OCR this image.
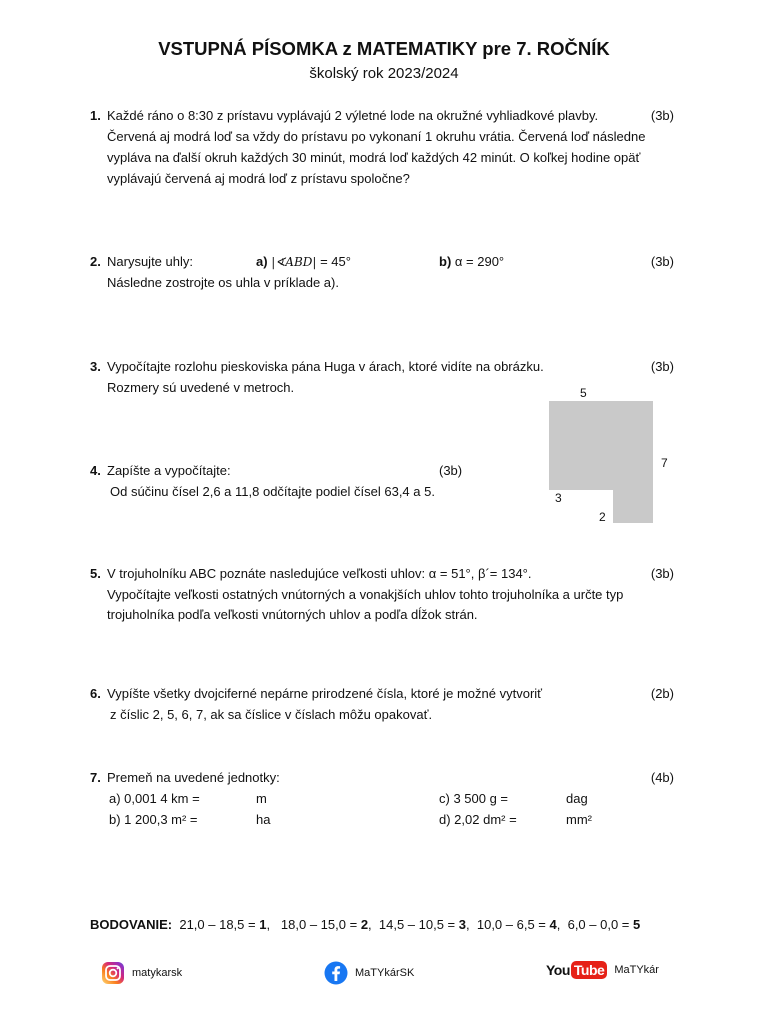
VSTUPNÁ PÍSOMKA z MATEMATIKY pre 7. ROČNÍK
školský rok 2023/2024
1. Každé ráno o 8:30 z prístavu vyplávajú 2 výletné lode na okružné vyhliadkové plavby.
Červená aj modrá loď sa vždy do prístavu po vykonaní 1 okruhu vrátia. Červená loď následne
vypláva na ďalší okruh každých 30 minút, modrá loď každých 42 minút. O koľkej hodine opäť
vyplávajú červená aj modrá loď z prístavu spoločne?
(3b)
2. Narysujte uhly:	a) |∢ABD| = 45°	b) α = 290°	(3b)
Následne zostrojte os uhla v príklade a).
3. Vypočítajte rozlohu pieskoviska pána Huga v árach, ktoré vidíte na obrázku.
Rozmery sú uvedené v metroch.
(3b)
5
7
3
2
4. Zapíšte a vypočítajte:	(3b)
Od súčinu čísel 2,6 a 11,8 odčítajte podiel čísel 63,4 a 5.
5. V trojuholníku ABC poznáte nasledujúce veľkosti uhlov: α = 51°, β´= 134°.
Vypočítajte veľkosti ostatných vnútorných a vonakjších uhlov tohto trojuholníka a určte typ
trojuholníka podľa veľkosti vnútorných uhlov a podľa dĺžok strán.
(3b)
6. Vypíšte všetky dvojciferné nepárne prirodzené čísla, ktoré je možné vytvoriť
z číslic 2, 5, 6, 7, ak sa číslice v číslach môžu opakovať.
(2b)
7. Premeň na uvedené jednotky:	(4b)
a) 0,001 4 km =	m
b) 1 200,3 m² =	ha
c) 3 500 g =	dag
d) 2,02 dm² =	mm²
BODOVANIE: 21,0 – 18,5 = 1,   18,0 – 15,0 = 2,  14,5 – 10,5 = 3,  10,0 – 6,5 = 4,  6,0 – 0,0 = 5
matykarsk	MaTYkárSK	You Tube MaTYkár
